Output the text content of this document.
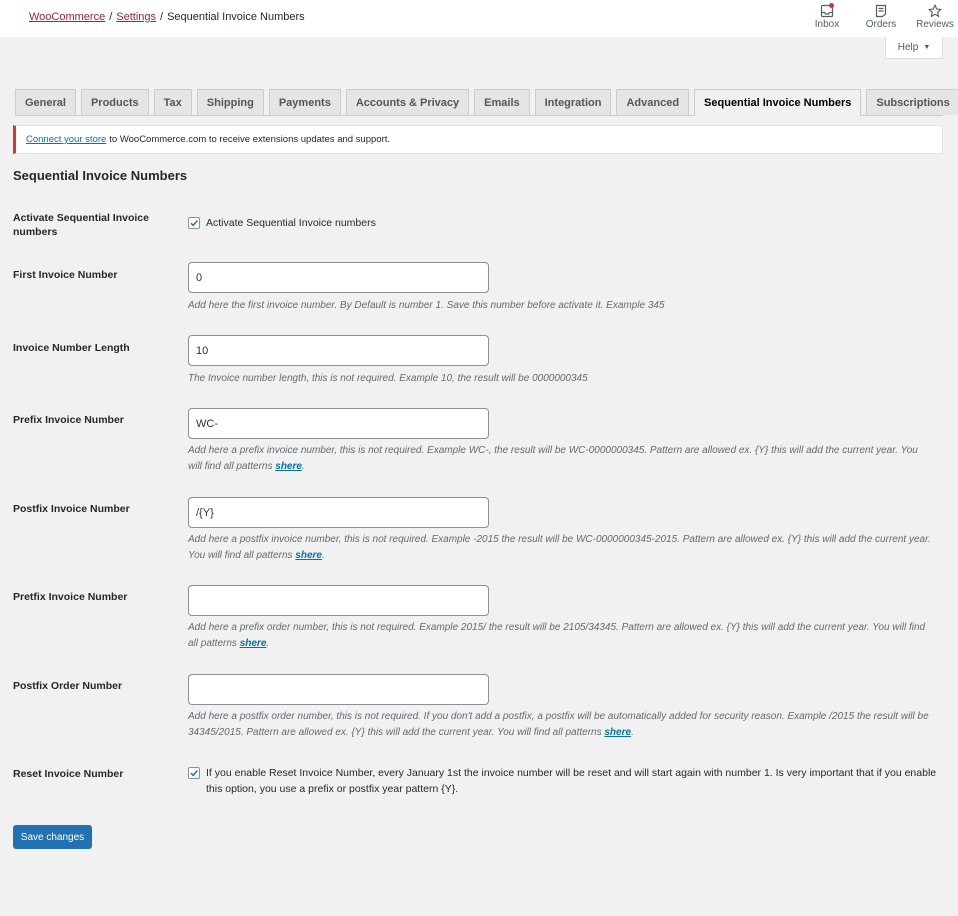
WooCommerce / Settings / Sequential Invoice Numbers
Inbox	Orders	Reviews
Help ▼
General	Products	Tax	Shipping	Payments	Accounts & Privacy	Emails	Integration	Advanced	Sequential Invoice Numbers	Subscriptions
Connect your store to WooCommerce.com to receive extensions updates and support.
Sequential Invoice Numbers
Activate Sequential Invoice numbers
Activate Sequential Invoice numbers
First Invoice Number	0
Add here the first invoice number. By Default is number 1. Save this number before activate it. Example 345
Invoice Number Length	10
The Invoice number length, this is not required. Example 10, the result will be 0000000345
Prefix Invoice Number	WC-
Add here a prefix invoice number, this is not required. Example WC-, the result will be WC-0000000345. Pattern are allowed ex. {Y} this will add the current year. You will find all patterns shere.
Postfix Invoice Number	/{Y}
Add here a postfix invoice number, this is not required. Example -2015 the result will be WC-0000000345-2015. Pattern are allowed ex. {Y} this will add the current year. You will find all patterns shere.
Pretfix Invoice Number
Add here a prefix order number, this is not required. Example 2015/ the result will be 2105/34345. Pattern are allowed ex. {Y} this will add the current year. You will find all patterns shere.
Postfix Order Number
Add here a postfix order number, this is not required. If you don't add a postfix, a postfix will be automatically added for security reason. Example /2015 the result will be 34345/2015. Pattern are allowed ex. {Y} this will add the current year. You will find all patterns shere.
Reset Invoice Number	If you enable Reset Invoice Number, every January 1st the invoice number will be reset and will start again with number 1. Is very important that if you enable this option, you use a prefix or postfix year pattern {Y}.
Save changes
